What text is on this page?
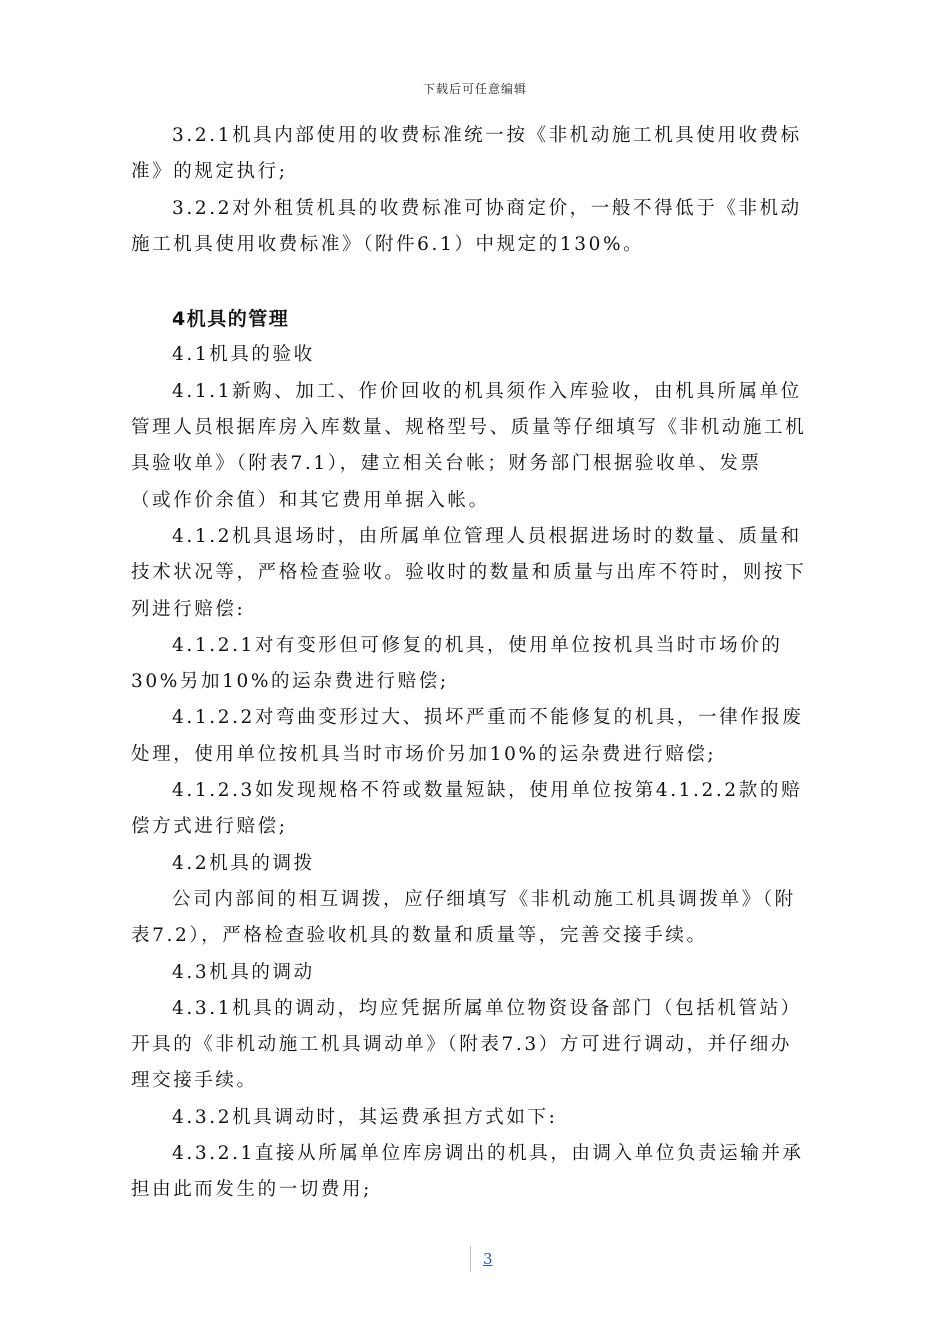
下载后可任意编辑
3.2.1机具内部使用的收费标准统一按《非机动施工机具使用收费标
准》的规定执行;
3.2.2对外租赁机具的收费标准可协商定价，一般不得低于《非机动
施工机具使用收费标准》（附件6.1）中规定的130%。
4机具的管理
4.1机具的验收
4.1.1新购、加工、作价回收的机具须作入库验收，由机具所属单位
管理人员根据库房入库数量、规格型号、质量等仔细填写《非机动施工机
具验收单》（附表7.1），建立相关台帐；财务部门根据验收单、发票
（或作价余值）和其它费用单据入帐。
4.1.2机具退场时，由所属单位管理人员根据进场时的数量、质量和
技术状况等，严格检查验收。验收时的数量和质量与出库不符时，则按下
列进行赔偿:
4.1.2.1对有变形但可修复的机具，使用单位按机具当时市场价的
30%另加10%的运杂费进行赔偿;
4.1.2.2对弯曲变形过大、损坏严重而不能修复的机具，一律作报废
处理，使用单位按机具当时市场价另加10%的运杂费进行赔偿;
4.1.2.3如发现规格不符或数量短缺，使用单位按第4.1.2.2款的赔
偿方式进行赔偿;
4.2机具的调拨
公司内部间的相互调拨，应仔细填写《非机动施工机具调拨单》（附
表7.2），严格检查验收机具的数量和质量等，完善交接手续。
4.3机具的调动
4.3.1机具的调动，均应凭据所属单位物资设备部门（包括机管站）
开具的《非机动施工机具调动单》（附表7.3）方可进行调动，并仔细办
理交接手续。
4.3.2机具调动时，其运费承担方式如下:
4.3.2.1直接从所属单位库房调出的机具，由调入单位负责运输并承
担由此而发生的一切费用;
3
